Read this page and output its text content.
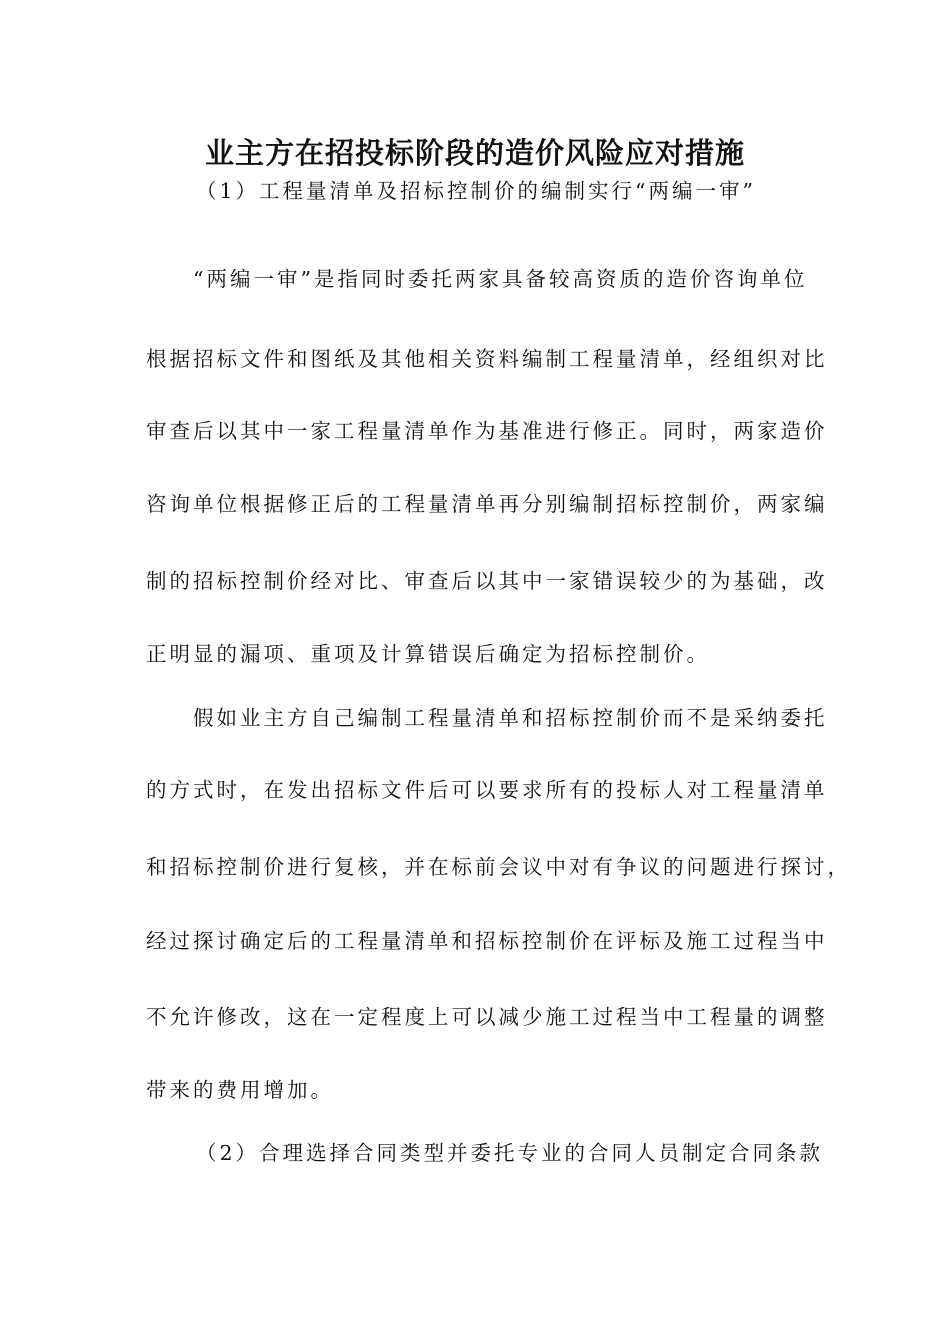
业主方在招投标阶段的造价风险应对措施

（1）工程量清单及招标控制价的编制实行“两编一审”

“两编一审”是指同时委托两家具备较高资质的造价咨询单位

根据招标文件和图纸及其他相关资料编制工程量清单，经组织对比

审查后以其中一家工程量清单作为基准进行修正。同时，两家造价

咨询单位根据修正后的工程量清单再分别编制招标控制价，两家编

制的招标控制价经对比、审查后以其中一家错误较少的为基础，改

正明显的漏项、重项及计算错误后确定为招标控制价。

假如业主方自己编制工程量清单和招标控制价而不是采纳委托

的方式时，在发出招标文件后可以要求所有的投标人对工程量清单

和招标控制价进行复核，并在标前会议中对有争议的问题进行探讨，

经过探讨确定后的工程量清单和招标控制价在评标及施工过程当中

不允许修改，这在一定程度上可以减少施工过程当中工程量的调整

带来的费用增加。

（2）合理选择合同类型并委托专业的合同人员制定合同条款
